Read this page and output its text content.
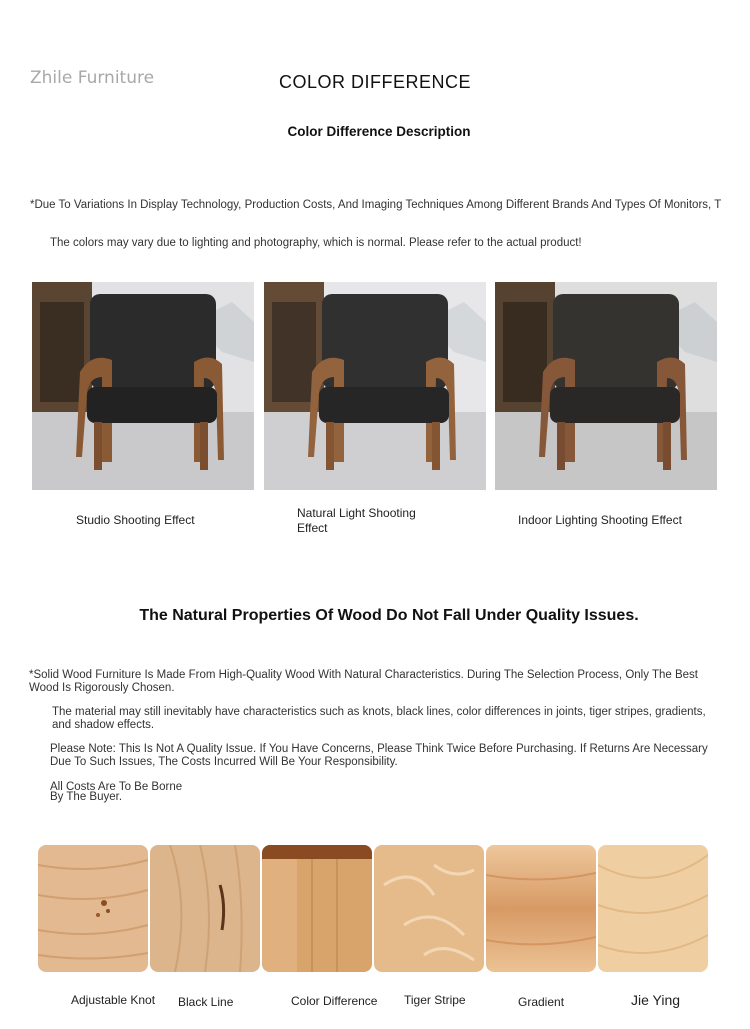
Zhile Furniture	COLOR DIFFERENCE
Color Difference Description
*Due To Variations In Display Technology, Production Costs, And Imaging Techniques Among Different Brands And Types Of Monitors, T
The colors may vary due to lighting and photography, which is normal. Please refer to the actual product!
Studio Shooting Effect	Natural Light Shooting Effect
Indoor Lighting Shooting Effect
The Natural Properties Of Wood Do Not Fall Under Quality Issues.
*Solid Wood Furniture Is Made From High-Quality Wood With Natural Characteristics. During The Selection Process, Only The Best Wood Is Rigorously Chosen.
The material may still inevitably have characteristics such as knots, black lines, color differences in joints, tiger stripes, gradients, and shadow effects.
Please Note: This Is Not A Quality Issue. If You Have Concerns, Please Think Twice Before Purchasing. If Returns Are Necessary Due To Such Issues, The Costs Incurred Will Be Your Responsibility.
All Costs Are To Be Borne
By The Buyer.
Adjustable Knot Black Line	Color Difference Tiger Stripe	Gradient	Jie Ying
